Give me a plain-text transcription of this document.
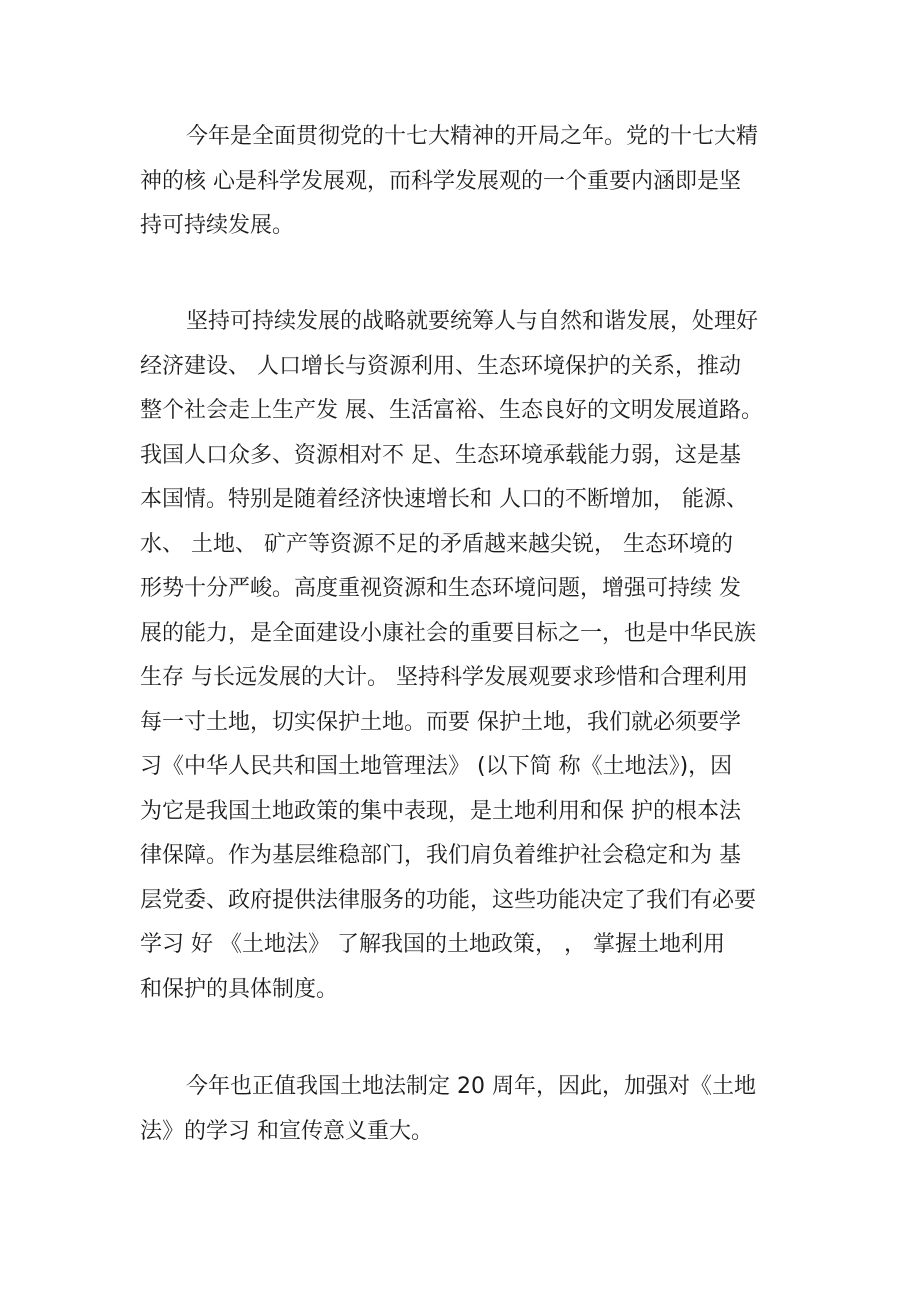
今年是全面贯彻党的十七大精神的开局之年。党的十七大精
神的核 心是科学发展观，而科学发展观的一个重要内涵即是坚
持可持续发展。

坚持可持续发展的战略就要统筹人与自然和谐发展，处理好
经济建设、 人口增长与资源利用、生态环境保护的关系，推动
整个社会走上生产发 展、生活富裕、生态良好的文明发展道路。
我国人口众多、资源相对不 足、生态环境承载能力弱，这是基
本国情。特别是随着经济快速增长和 人口的不断增加， 能源、
水、 土地、 矿产等资源不足的矛盾越来越尖锐， 生态环境的
形势十分严峻。高度重视资源和生态环境问题，增强可持续 发
展的能力，是全面建设小康社会的重要目标之一，也是中华民族
生存 与长远发展的大计。 坚持科学发展观要求珍惜和合理利用
每一寸土地，切实保护土地。而要 保护土地，我们就必须要学
习《中华人民共和国土地管理法》 (以下简 称《土地法》)，因
为它是我国土地政策的集中表现，是土地利用和保 护的根本法
律保障。作为基层维稳部门，我们肩负着维护社会稳定和为 基
层党委、政府提供法律服务的功能，这些功能决定了我们有必要
学习 好 《土地法》 了解我国的土地政策， ， 掌握土地利用
和保护的具体制度。

今年也正值我国土地法制定 20 周年，因此，加强对《土地
法》的学习 和宣传意义重大。
